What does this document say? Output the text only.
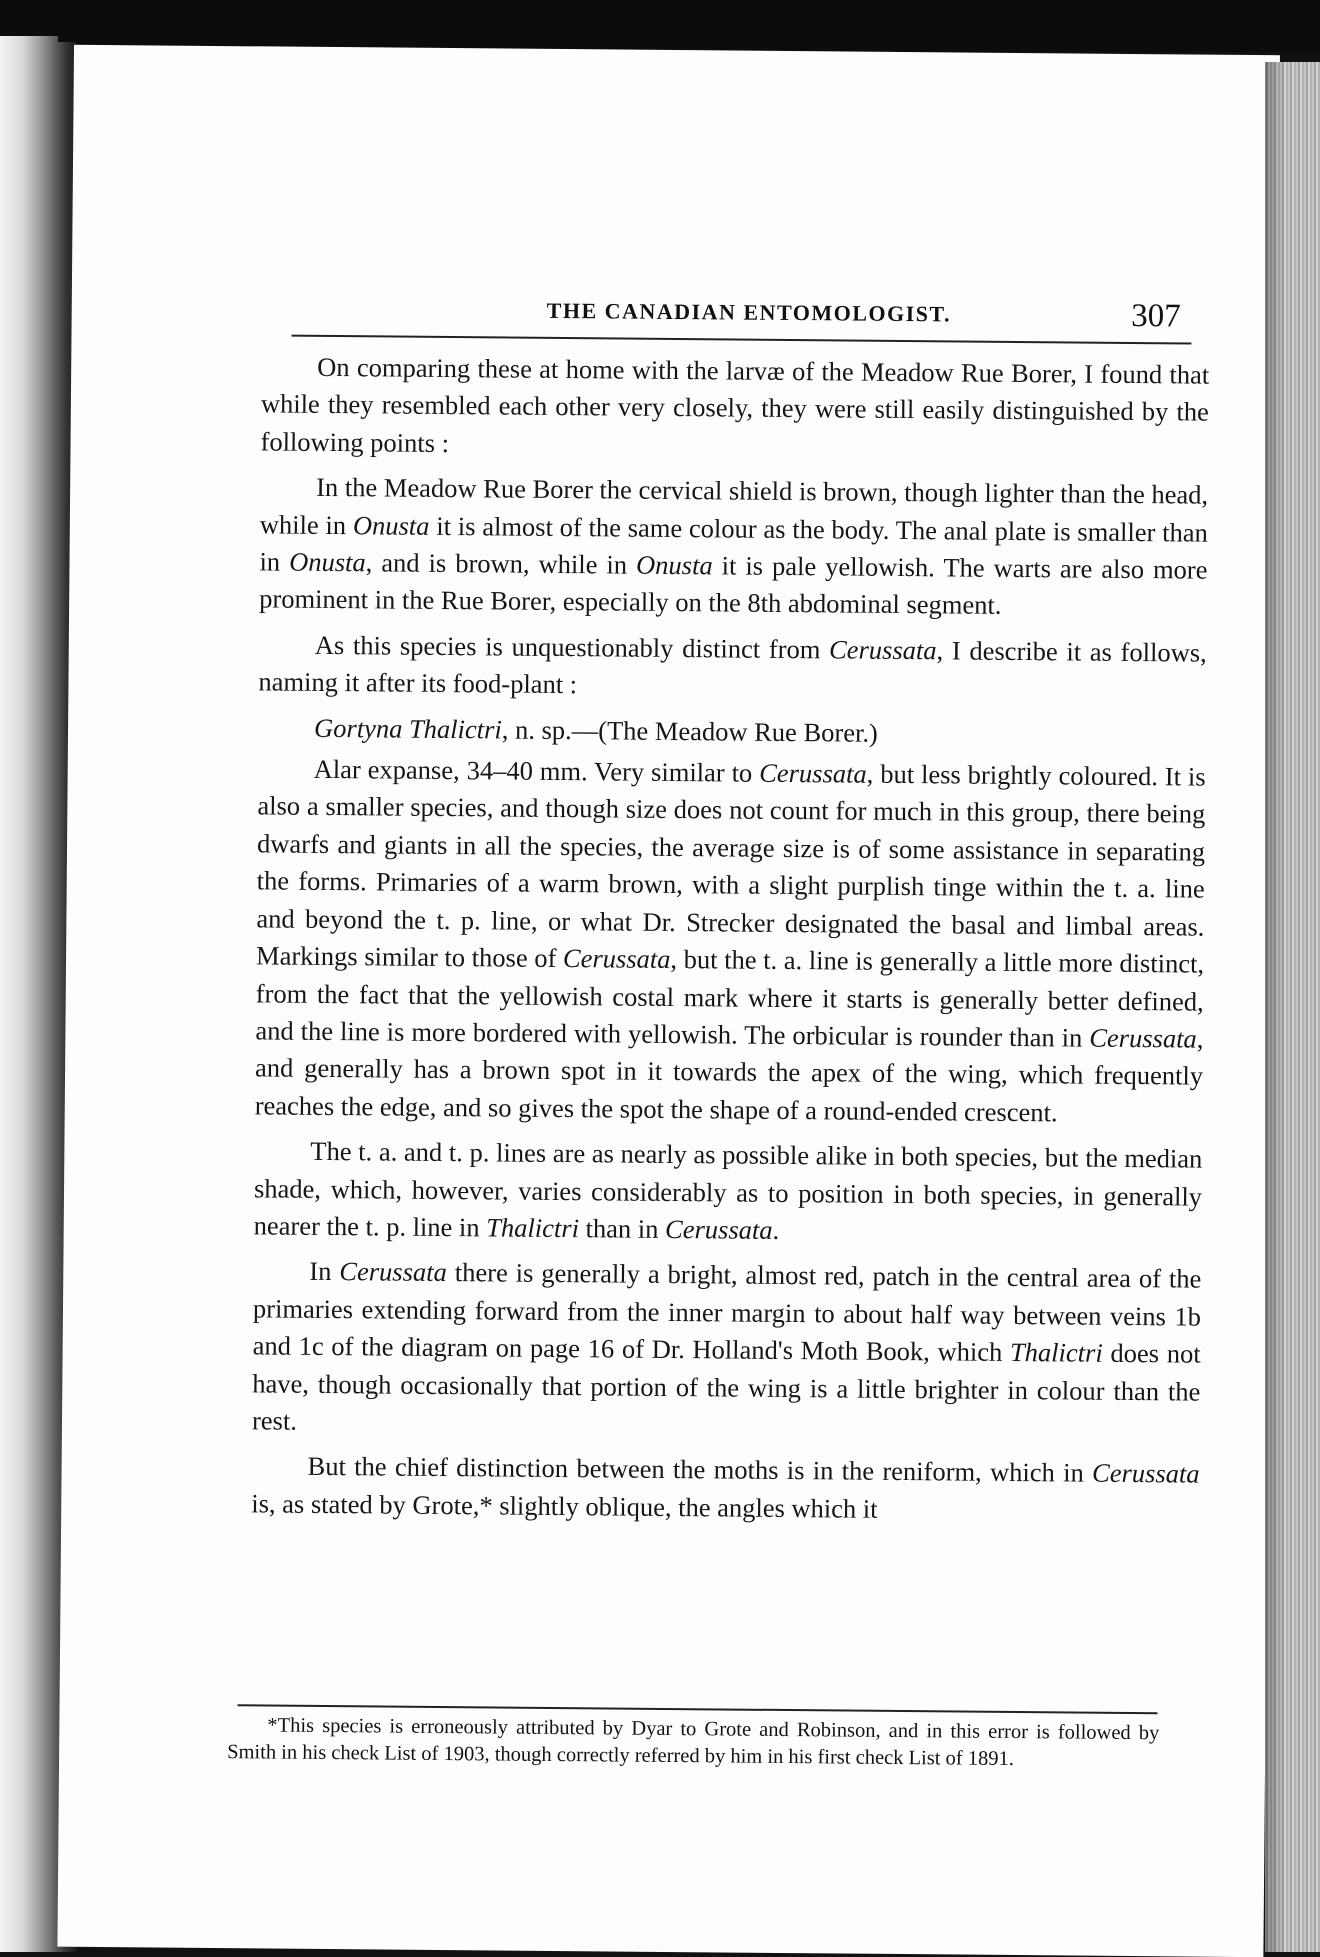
THE CANADIAN ENTOMOLOGIST.	307

On comparing these at home with the larvæ of the Meadow Rue Borer, I found that while they resembled each other very closely, they were still easily distinguished by the following points :

In the Meadow Rue Borer the cervical shield is brown, though lighter than the head, while in Onusta it is almost of the same colour as the body. The anal plate is smaller than in Onusta, and is brown, while in Onusta it is pale yellowish. The warts are also more prominent in the Rue Borer, especially on the 8th abdominal segment.

As this species is unquestionably distinct from Cerussata, I describe it as follows, naming it after its food-plant :

Gortyna Thalictri, n. sp.—(The Meadow Rue Borer.)

Alar expanse, 34–40 mm. Very similar to Cerussata, but less brightly coloured. It is also a smaller species, and though size does not count for much in this group, there being dwarfs and giants in all the species, the average size is of some assistance in separating the forms. Primaries of a warm brown, with a slight purplish tinge within the t. a. line and beyond the t. p. line, or what Dr. Strecker designated the basal and limbal areas. Markings similar to those of Cerussata, but the t. a. line is generally a little more distinct, from the fact that the yellowish costal mark where it starts is generally better defined, and the line is more bordered with yellowish. The orbicular is rounder than in Cerussata, and generally has a brown spot in it towards the apex of the wing, which frequently reaches the edge, and so gives the spot the shape of a round-ended crescent.

The t. a. and t. p. lines are as nearly as possible alike in both species, but the median shade, which, however, varies considerably as to position in both species, in generally nearer the t. p. line in Thalictri than in Cerussata.

In Cerussata there is generally a bright, almost red, patch in the central area of the primaries extending forward from the inner margin to about half way between veins 1b and 1c of the diagram on page 16 of Dr. Holland's Moth Book, which Thalictri does not have, though occasionally that portion of the wing is a little brighter in colour than the rest.

But the chief distinction between the moths is in the reniform, which in Cerussata is, as stated by Grote,* slightly oblique, the angles which it

*This species is erroneously attributed by Dyar to Grote and Robinson, and in this error is followed by Smith in his check List of 1903, though correctly referred by him in his first check List of 1891.
